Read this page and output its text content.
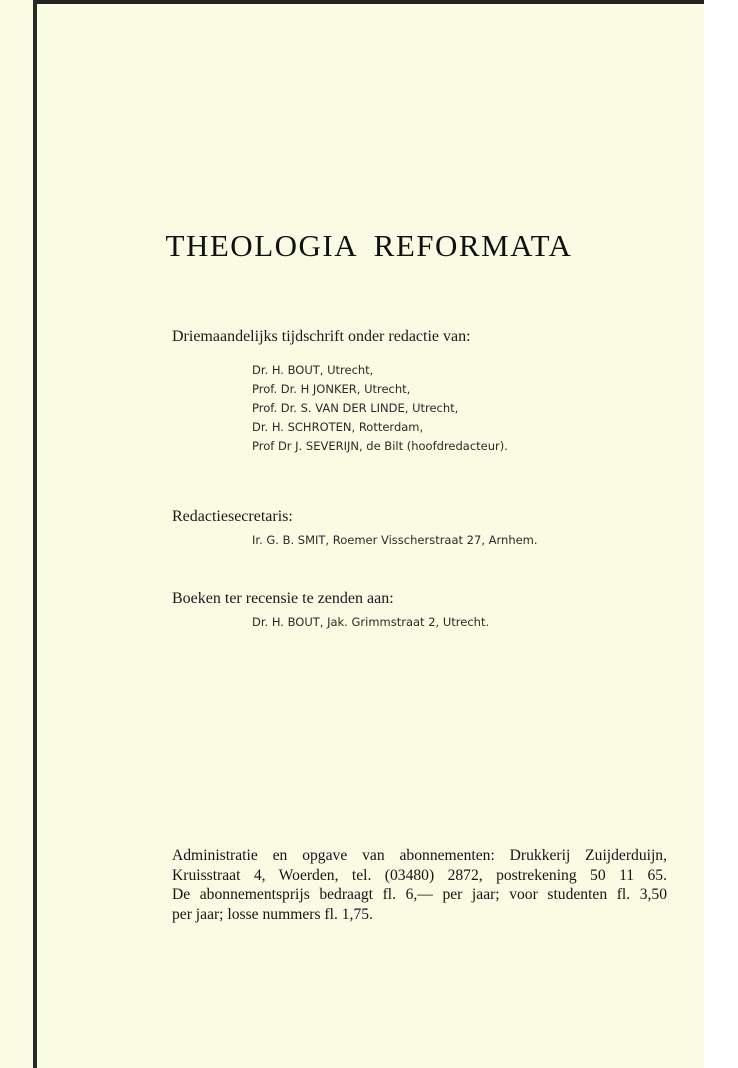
THEOLOGIA REFORMATA
Driemaandelijks tijdschrift onder redactie van:
Dr. H. BOUT, Utrecht,
Prof. Dr. H JONKER, Utrecht,
Prof. Dr. S. VAN DER LINDE, Utrecht,
Dr. H. SCHROTEN, Rotterdam,
Prof Dr J. SEVERIJN, de Bilt (hoofdredacteur).
Redactiesecretaris:
Ir. G. B. SMIT, Roemer Visscherstraat 27, Arnhem.
Boeken ter recensie te zenden aan:
Dr. H. BOUT, Jak. Grimmstraat 2, Utrecht.
Administratie en opgave van abonnementen: Drukkerij Zuijderduijn,
Kruisstraat 4, Woerden, tel. (03480) 2872, postrekening 50 11 65.
De abonnementsprijs bedraagt fl. 6,— per jaar; voor studenten fl. 3,50
per jaar; losse nummers fl. 1,75.
